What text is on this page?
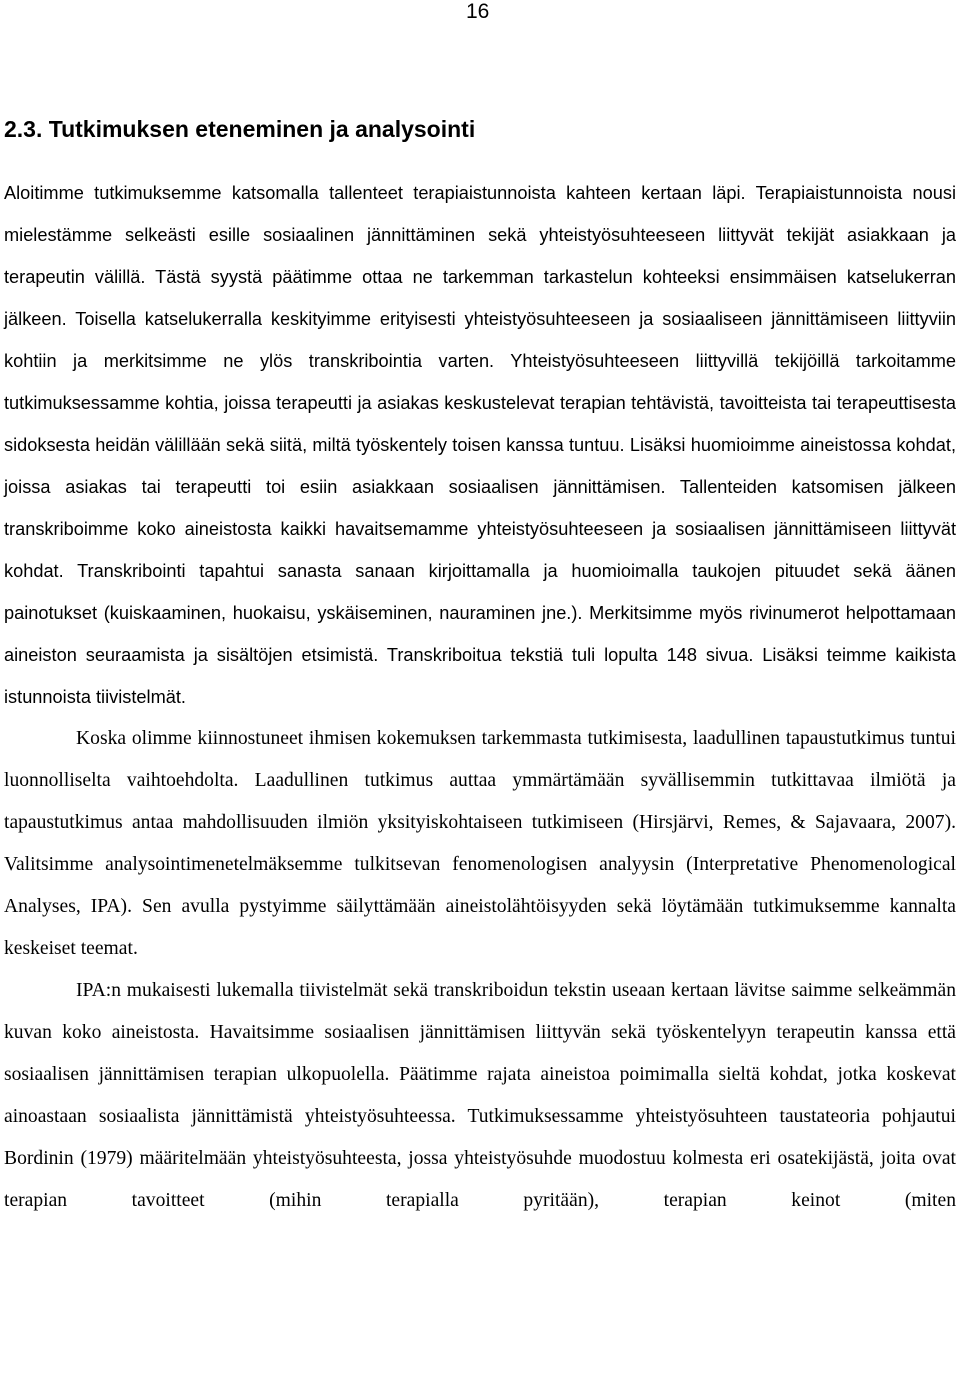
16
2.3. Tutkimuksen eteneminen ja analysointi

Aloitimme tutkimuksemme katsomalla tallenteet terapiaistunnoista kahteen kertaan läpi. Terapiaistunnoista nousi mielestämme selkeästi esille sosiaalinen jännittäminen sekä yhteistyösuhteeseen liittyvät tekijät asiakkaan ja terapeutin välillä. Tästä syystä päätimme ottaa ne tarkemman tarkastelun kohteeksi ensimmäisen katselukerran jälkeen. Toisella katselukerralla keskityimme erityisesti yhteistyösuhteeseen ja sosiaaliseen jännittämiseen liittyviin kohtiin ja merkitsimme ne ylös transkribointia varten. Yhteistyösuhteeseen liittyvillä tekijöillä tarkoitamme tutkimuksessamme kohtia, joissa terapeutti ja asiakas keskustelevat terapian tehtävistä, tavoitteista tai terapeuttisesta sidoksesta heidän välillään sekä siitä, miltä työskentely toisen kanssa tuntuu. Lisäksi huomioimme aineistossa kohdat, joissa asiakas tai terapeutti toi esiin asiakkaan sosiaalisen jännittämisen. Tallenteiden katsomisen jälkeen transkriboimme koko aineistosta kaikki havaitsemamme yhteistyösuhteeseen ja sosiaalisen jännittämiseen liittyvät kohdat. Transkribointi tapahtui sanasta sanaan kirjoittamalla ja huomioimalla taukojen pituudet sekä äänen painotukset (kuiskaaminen, huokaisu, yskäiseminen, nauraminen jne.). Merkitsimme myös rivinumerot helpottamaan aineiston seuraamista ja sisältöjen etsimistä. Transkriboitua tekstiä tuli lopulta 148 sivua. Lisäksi teimme kaikista istunnoista tiivistelmät.

Koska olimme kiinnostuneet ihmisen kokemuksen tarkemmasta tutkimisesta, laadullinen tapaustutkimus tuntui luonnolliselta vaihtoehdolta. Laadullinen tutkimus auttaa ymmärtämään syvällisemmin tutkittavaa ilmiötä ja tapaustutkimus antaa mahdollisuuden ilmiön yksityiskohtaiseen tutkimiseen (Hirsjärvi, Remes, & Sajavaara, 2007). Valitsimme analysointimenetelmäksemme tulkitsevan fenomenologisen analyysin (Interpretative Phenomenological Analyses, IPA). Sen avulla pystyimme säilyttämään aineistolähtöisyyden sekä löytämään tutkimuksemme kannalta keskeiset teemat.

IPA:n mukaisesti lukemalla tiivistelmät sekä transkriboidun tekstin useaan kertaan lävitse saimme selkeämmän kuvan koko aineistosta. Havaitsimme sosiaalisen jännittämisen liittyvän sekä työskentelyyn terapeutin kanssa että sosiaalisen jännittämisen terapian ulkopuolella. Päätimme rajata aineistoa poimimalla sieltä kohdat, jotka koskevat ainoastaan sosiaalista jännittämistä yhteistyösuhteessa. Tutkimuksessamme yhteistyösuhteen taustateoria pohjautui Bordinin (1979) määritelmään yhteistyösuhteesta, jossa yhteistyösuhde muodostuu kolmesta eri osatekijästä, joita ovat terapian tavoitteet (mihin terapialla pyritään), terapian keinot (miten
